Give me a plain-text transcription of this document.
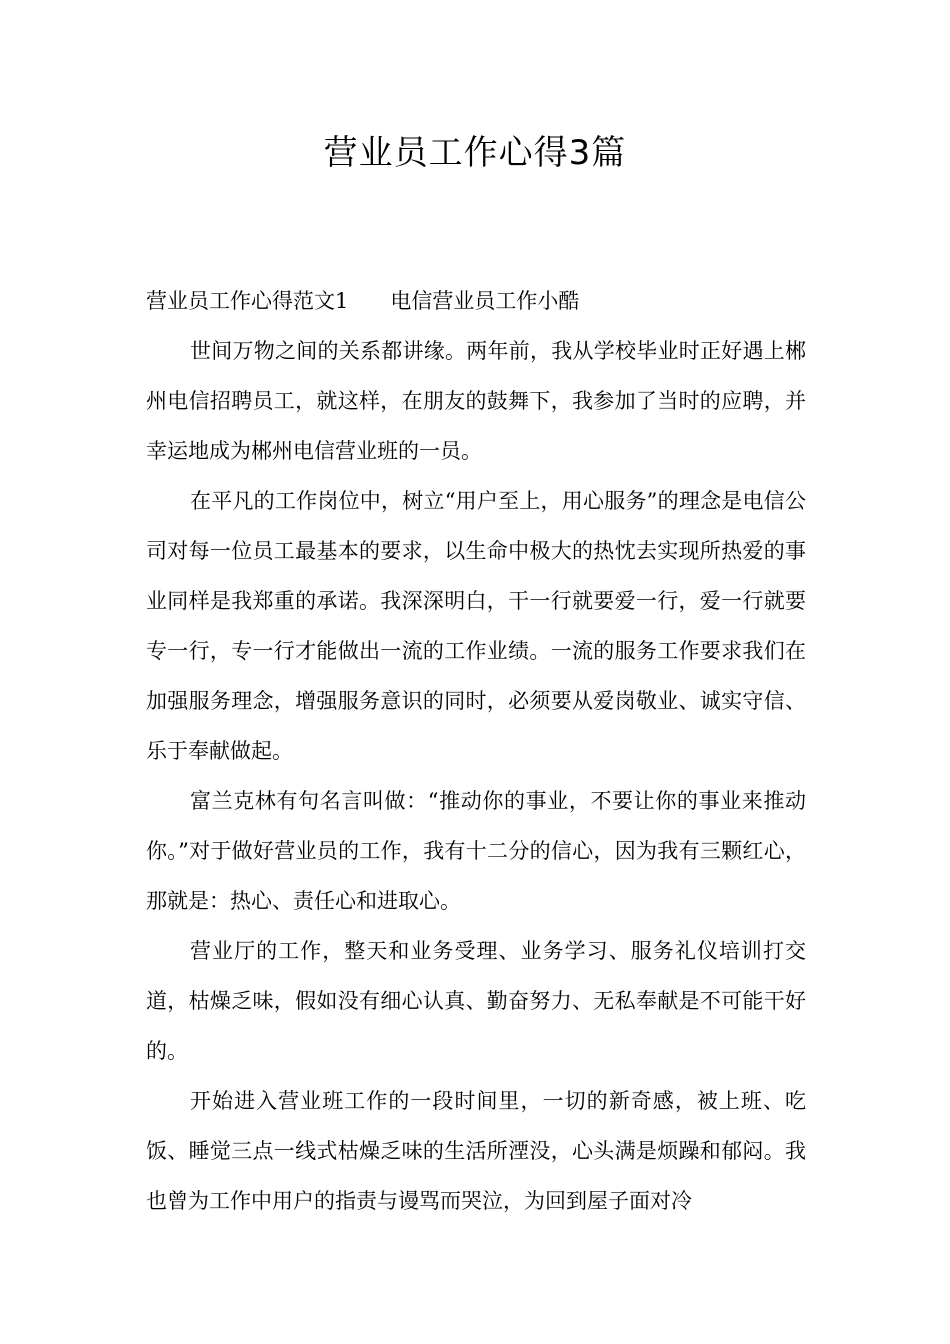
营业员工作心得3篇

营业员工作心得范文1 电信营业员工作小酷

世间万物之间的关系都讲缘。两年前，我从学校毕业时正好遇上郴州电信招聘员工，就这样，在朋友的鼓舞下，我参加了当时的应聘，并幸运地成为郴州电信营业班的一员。

在平凡的工作岗位中，树立“用户至上，用心服务”的理念是电信公司对每一位员工最基本的要求，以生命中极大的热忱去实现所热爱的事业同样是我郑重的承诺。我深深明白，干一行就要爱一行，爱一行就要专一行，专一行才能做出一流的工作业绩。一流的服务工作要求我们在加强服务理念，增强服务意识的同时，必须要从爱岗敬业、诚实守信、乐于奉献做起。

富兰克林有句名言叫做：“推动你的事业，不要让你的事业来推动你。”对于做好营业员的工作，我有十二分的信心，因为我有三颗红心，那就是：热心、责任心和进取心。

营业厅的工作，整天和业务受理、业务学习、服务礼仪培训打交道，枯燥乏味，假如没有细心认真、勤奋努力、无私奉献是不可能干好的。

开始进入营业班工作的一段时间里，一切的新奇感，被上班、吃饭、睡觉三点一线式枯燥乏味的生活所湮没，心头满是烦躁和郁闷。我也曾为工作中用户的指责与谩骂而哭泣，为回到屋子面对冷
